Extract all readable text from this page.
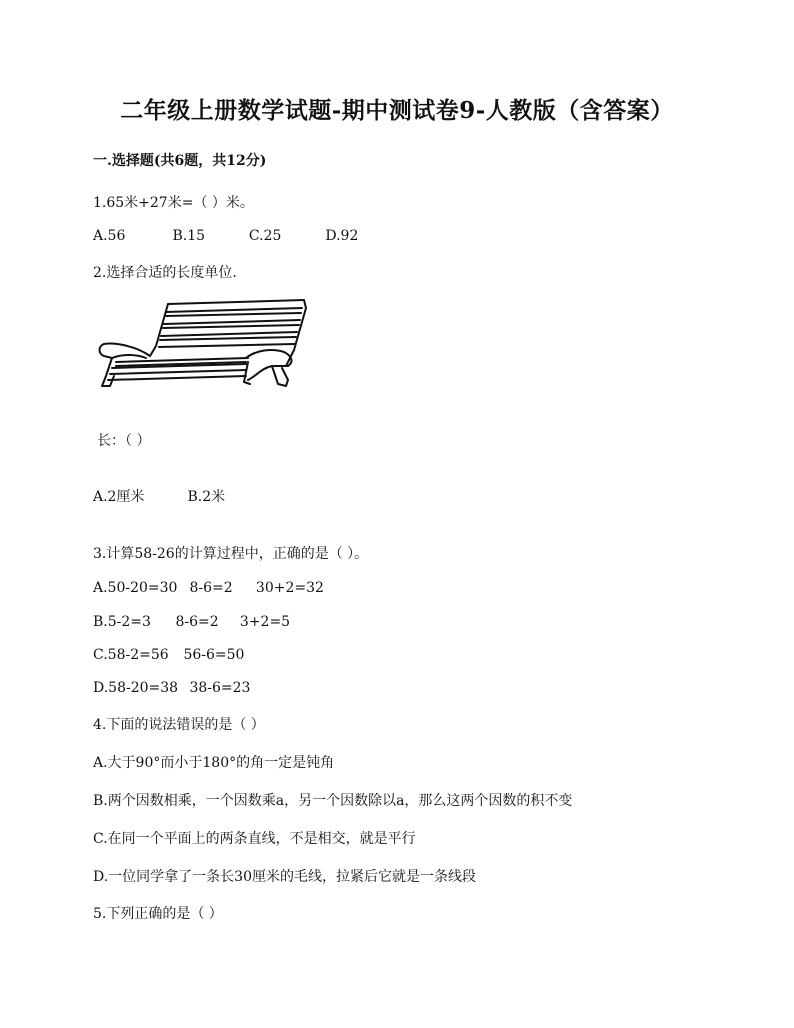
二年级上册数学试题-期中测试卷9-人教版（含答案）
一.选择题(共6题，共12分)
1.65米+27米=（ ）米。
A.56	B.15	C.25	D.92
2.选择合适的长度单位.
长：（ ）
A.2厘米	B.2米
3.计算58-26的计算过程中，正确的是（ ）。
A.50-20=30 8-6=2 30+2=32
B.5-2=3 8-6=2 3+2=5
C.58-2=56 56-6=50
D.58-20=38 38-6=23
4.下面的说法错误的是（ ）
A.大于90°而小于180°的角一定是钝角
B.两个因数相乘，一个因数乘a，另一个因数除以a，那么这两个因数的积不变
C.在同一个平面上的两条直线，不是相交，就是平行
D.一位同学拿了一条长30厘米的毛线，拉紧后它就是一条线段
5.下列正确的是（ ）
